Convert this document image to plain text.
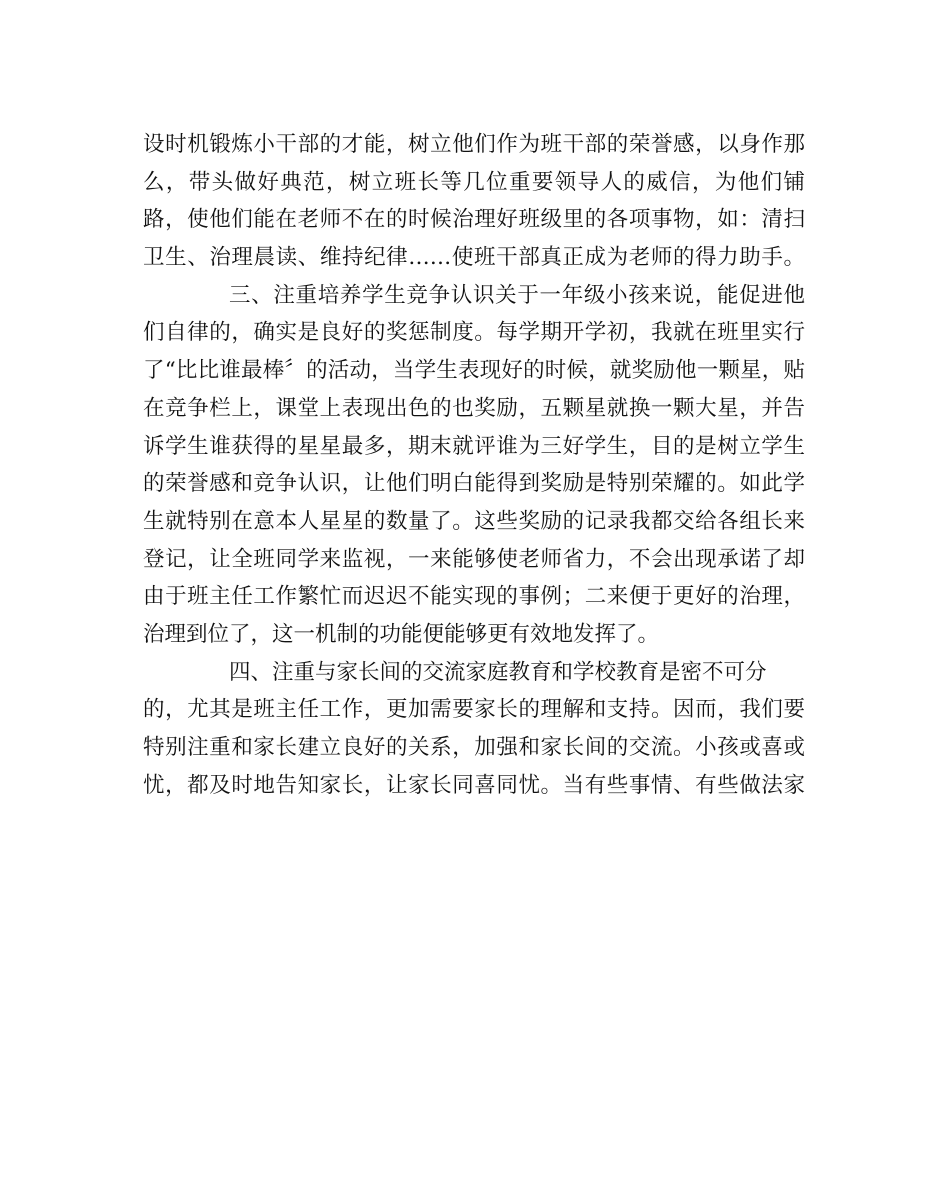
设时机锻炼小干部的才能，树立他们作为班干部的荣誉感，以身作那
么，带头做好典范，树立班长等几位重要领导人的威信，为他们铺
路，使他们能在老师不在的时候治理好班级里的各项事物，如：清扫
卫生、治理晨读、维持纪律……使班干部真正成为老师的得力助手。
三、注重培养学生竞争认识关于一年级小孩来说，能促进他
们自律的，确实是良好的奖惩制度。每学期开学初，我就在班里实行
了“比比谁最棒〞的活动，当学生表现好的时候，就奖励他一颗星，贴
在竞争栏上，课堂上表现出色的也奖励，五颗星就换一颗大星，并告
诉学生谁获得的星星最多，期末就评谁为三好学生，目的是树立学生
的荣誉感和竞争认识，让他们明白能得到奖励是特别荣耀的。如此学
生就特别在意本人星星的数量了。这些奖励的记录我都交给各组长来
登记，让全班同学来监视，一来能够使老师省力，不会出现承诺了却
由于班主任工作繁忙而迟迟不能实现的事例；二来便于更好的治理，
治理到位了，这一机制的功能便能够更有效地发挥了。
四、注重与家长间的交流家庭教育和学校教育是密不可分
的，尤其是班主任工作，更加需要家长的理解和支持。因而，我们要
特别注重和家长建立良好的关系，加强和家长间的交流。小孩或喜或
忧，都及时地告知家长，让家长同喜同忧。当有些事情、有些做法家
